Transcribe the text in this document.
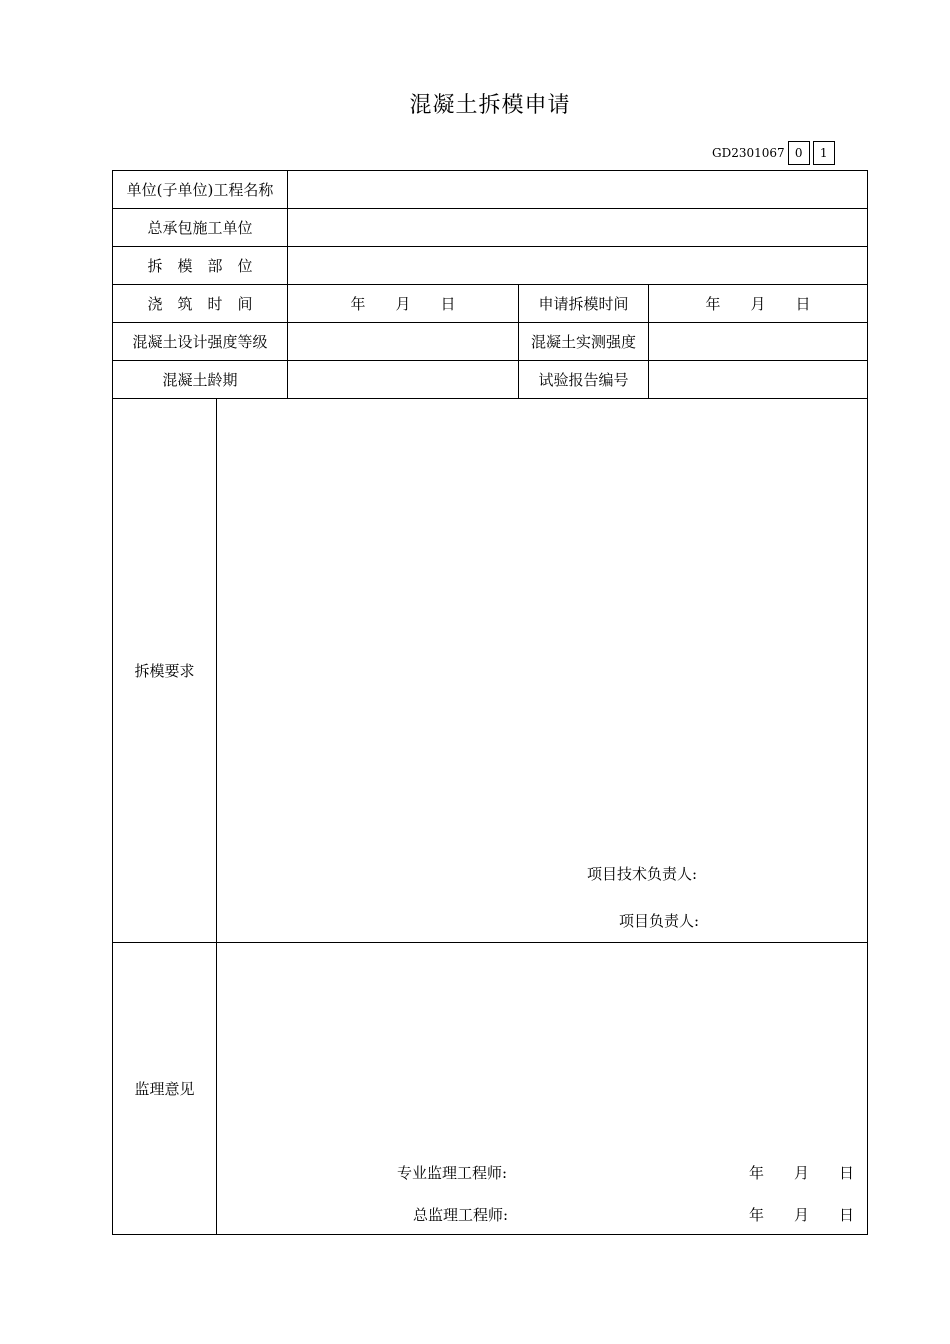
混凝土拆模申请
GD2301067 0	1
单位(子单位)工程名称				
总承包施工单位				
拆　模　部　位				
浇　筑　时　间		年　　月　　日	申请拆模时间	年　　月　　日
混凝土设计强度等级			混凝土实测强度	
混凝土龄期			试验报告编号	
拆模要求	项目技术负责人:
项目负责人:			

监理意见	专业监理工程师: 年　　月　　日
总监理工程师: 年　　月　　日			
